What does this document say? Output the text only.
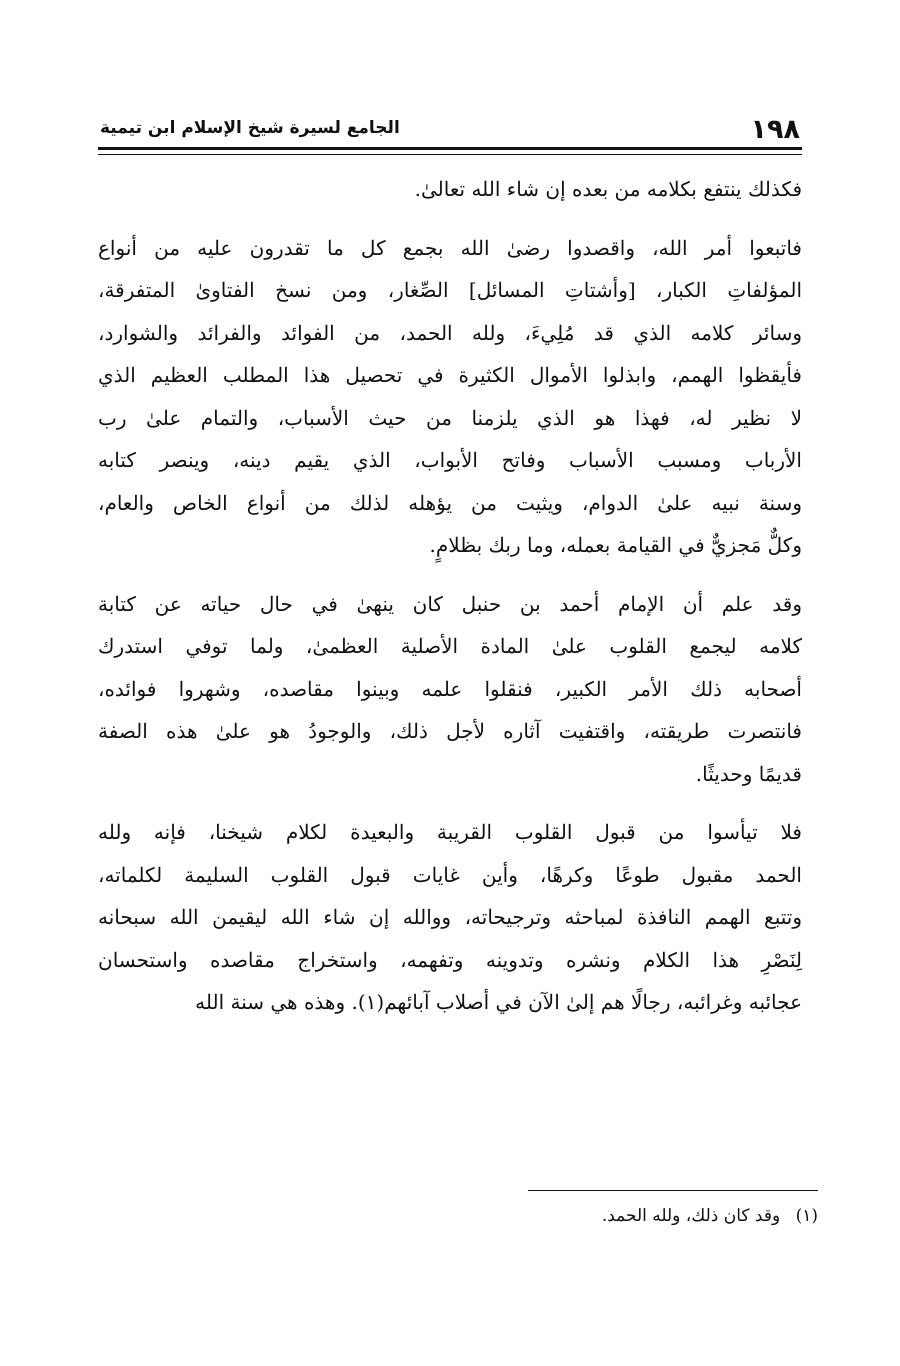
١٩٨
الجامع لسيرة شيخ الإسلام ابن تيمية
فكذلك ينتفع بكلامه من بعده إن شاء الله تعالىٰ.
فاتبعوا أمر الله، واقصدوا رضىٰ الله بجمع كل ما تقدرون عليه من أنواع
المؤلفاتِ الكبار، [وأشتاتِ المسائل] الصِّغار، ومن نسخ الفتاوىٰ المتفرقة،
وسائر كلامه الذي قد مُلِيءَ، ولله الحمد، من الفوائد والفرائد والشوارد،
فأيقظوا الهمم، وابذلوا الأموال الكثيرة في تحصيل هذا المطلب العظيم الذي
لا نظير له، فهذا هو الذي يلزمنا من حيث الأسباب، والتمام علىٰ رب
الأرباب ومسبب الأسباب وفاتح الأبواب، الذي يقيم دينه، وينصر كتابه
وسنة نبيه علىٰ الدوام، ويثيت من يؤهله لذلك من أنواع الخاص والعام،
وكلٌّ مَجزيٌّ في القيامة بعمله، وما ربك بظلامٍ.
وقد علم أن الإمام أحمد بن حنبل كان ينهىٰ في حال حياته عن كتابة
كلامه ليجمع القلوب علىٰ المادة الأصلية العظمىٰ، ولما توفي استدرك
أصحابه ذلك الأمر الكبير، فنقلوا علمه وبينوا مقاصده، وشهروا فوائده،
فانتصرت طريقته، واقتفيت آثاره لأجل ذلك، والوجودُ هو علىٰ هذه الصفة
قديمًا وحديثًا.
فلا تيأسوا من قبول القلوب القريبة والبعيدة لكلام شيخنا، فإنه ولله
الحمد مقبول طوعًا وكرهًا، وأين غايات قبول القلوب السليمة لكلماته،
وتتبع الهمم النافذة لمباحثه وترجيحاته، ووالله إن شاء الله ليقيمن الله سبحانه
لِنَصْرِ هذا الكلام ونشره وتدوينه وتفهمه، واستخراج مقاصده واستحسان
عجائبه وغرائبه، رجالًا هم إلىٰ الآن في أصلاب آبائهم(١). وهذه هي سنة الله
(١) وقد كان ذلك، ولله الحمد.
